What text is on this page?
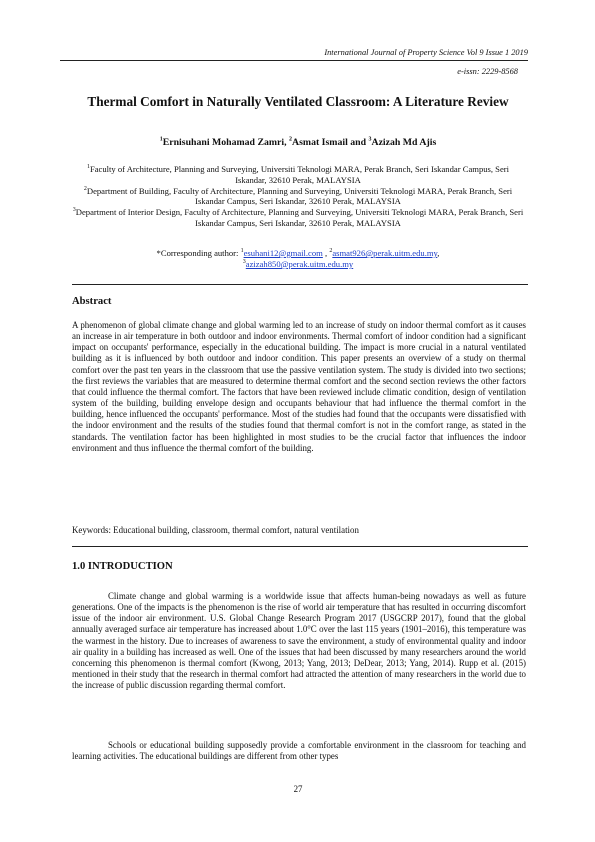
International Journal of Property Science Vol 9 Issue 1 2019
e-issn: 2229-8568
Thermal Comfort in Naturally Ventilated Classroom: A Literature Review
$^1$Ernisuhani Mohamad Zamri, $^2$Asmat Ismail and $^3$Azizah Md Ajis
$^1$Faculty of Architecture, Planning and Surveying, Universiti Teknologi MARA, Perak Branch, Seri Iskandar Campus, Seri Iskandar, 32610 Perak, MALAYSIA
$^2$Department of Building, Faculty of Architecture, Planning and Surveying, Universiti Teknologi MARA, Perak Branch, Seri Iskandar Campus, Seri Iskandar, 32610 Perak, MALAYSIA
$^3$Department of Interior Design, Faculty of Architecture, Planning and Surveying, Universiti Teknologi MARA, Perak Branch, Seri Iskandar Campus, Seri Iskandar, 32610 Perak, MALAYSIA
*Corresponding author: $^1$esuhani12@gmail.com , $^2$asmat926@perak.uitm.edu.my,
$^3$azizah850@perak.uitm.edu.my
Abstract

A phenomenon of global climate change and global warming led to an increase of study on indoor thermal comfort as it causes an increase in air temperature in both outdoor and indoor environments. Thermal comfort of indoor condition had a significant impact on occupants' performance, especially in the educational building. The impact is more crucial in a natural ventilated building as it is influenced by both outdoor and indoor condition. This paper presents an overview of a study on thermal comfort over the past ten years in the classroom that use the passive ventilation system. The study is divided into two sections; the first reviews the variables that are measured to determine thermal comfort and the second section reviews the other factors that could influence the thermal comfort. The factors that have been reviewed include climatic condition, design of ventilation system of the building, building envelope design and occupants behaviour that had influence the thermal comfort in the building, hence influenced the occupants' performance. Most of the studies had found that the occupants were dissatisfied with the indoor environment and the results of the studies found that thermal comfort is not in the comfort range, as stated in the standards. The ventilation factor has been highlighted in most studies to be the crucial factor that influences the indoor environment and thus influence the thermal comfort of the building.

Keywords: Educational building, classroom, thermal comfort, natural ventilation
1.0 INTRODUCTION

Climate change and global warming is a worldwide issue that affects human-being nowadays as well as future generations. One of the impacts is the phenomenon is the rise of world air temperature that has resulted in occurring discomfort issue of the indoor air environment. U.S. Global Change Research Program 2017 (USGCRP 2017), found that the global annually averaged surface air temperature has increased about 1.0°C over the last 115 years (1901–2016), this temperature was the warmest in the history. Due to increases of awareness to save the environment, a study of environmental quality and indoor air quality in a building has increased as well. One of the issues that had been discussed by many researchers around the world concerning this phenomenon is thermal comfort (Kwong, 2013; Yang, 2013; DeDear, 2013; Yang, 2014). Rupp et al. (2015) mentioned in their study that the research in thermal comfort had attracted the attention of many researchers in the world due to the increase of public discussion regarding thermal comfort.

Schools or educational building supposedly provide a comfortable environment in the classroom for teaching and learning activities. The educational buildings are different from other types

27
